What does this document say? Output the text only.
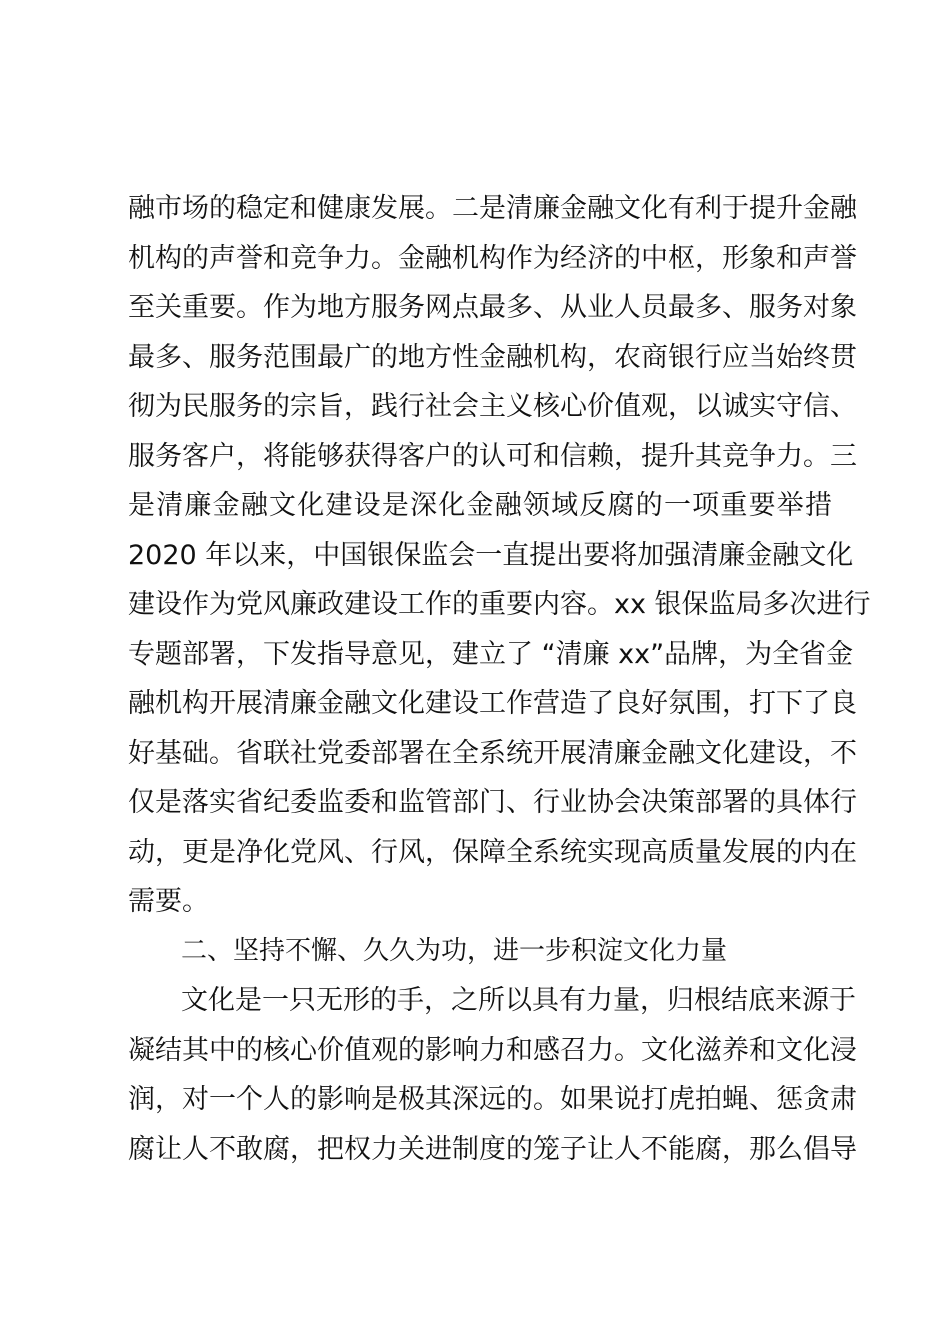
融市场的稳定和健康发展。二是清廉金融文化有利于提升金融
机构的声誉和竞争力。金融机构作为经济的中枢，形象和声誉
至关重要。作为地方服务网点最多、从业人员最多、服务对象
最多、服务范围最广的地方性金融机构，农商银行应当始终贯
彻为民服务的宗旨，践行社会主义核心价值观，以诚实守信、
服务客户，将能够获得客户的认可和信赖，提升其竞争力。三
是清廉金融文化建设是深化金融领域反腐的一项重要举措
2020 年以来，中国银保监会一直提出要将加强清廉金融文化
建设作为党风廉政建设工作的重要内容。xx 银保监局多次进行
专题部署，下发指导意见，建立了 “清廉 xx”品牌，为全省金
融机构开展清廉金融文化建设工作营造了良好氛围，打下了良
好基础。省联社党委部署在全系统开展清廉金融文化建设，不
仅是落实省纪委监委和监管部门、行业协会决策部署的具体行
动，更是净化党风、行风，保障全系统实现高质量发展的内在
需要。
二、坚持不懈、久久为功，进一步积淀文化力量
文化是一只无形的手，之所以具有力量，归根结底来源于
凝结其中的核心价值观的影响力和感召力。文化滋养和文化浸
润，对一个人的影响是极其深远的。如果说打虎拍蝇、惩贪肃
腐让人不敢腐，把权力关进制度的笼子让人不能腐，那么倡导
